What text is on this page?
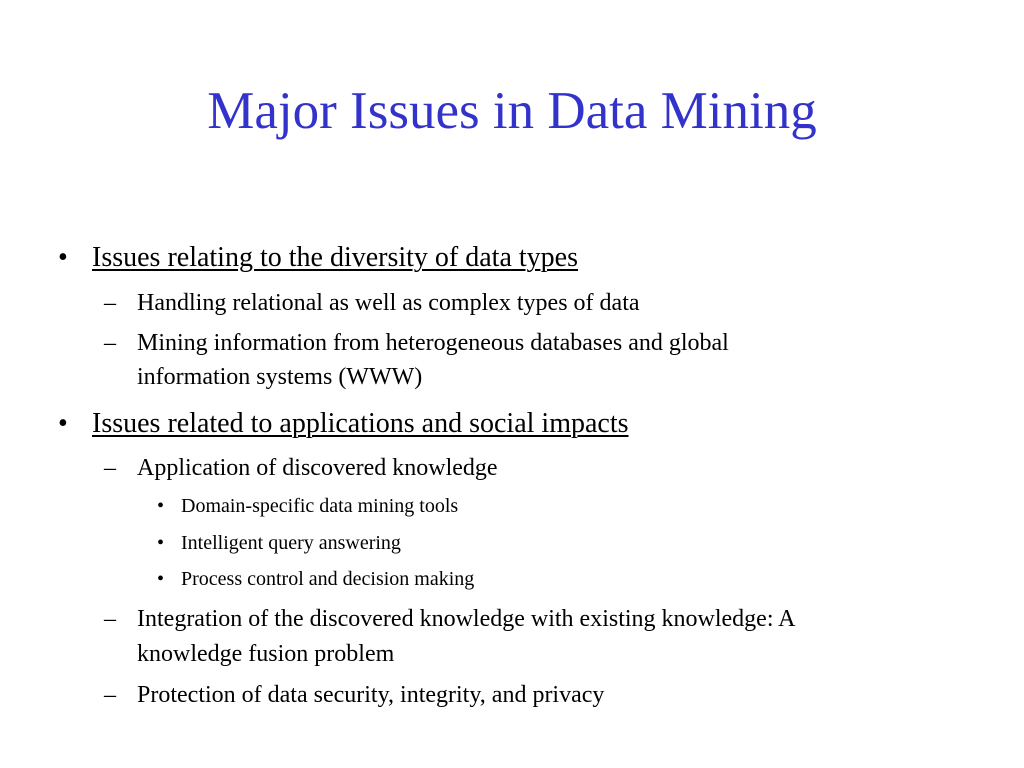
Major Issues in Data Mining
• Issues relating to the diversity of data types
– Handling relational as well as complex types of data
– Mining information from heterogeneous databases and global
information systems (WWW)
• Issues related to applications and social impacts
– Application of discovered knowledge
• Domain-specific data mining tools
• Intelligent query answering
• Process control and decision making
– Integration of the discovered knowledge with existing knowledge: A
knowledge fusion problem
– Protection of data security, integrity, and privacy
